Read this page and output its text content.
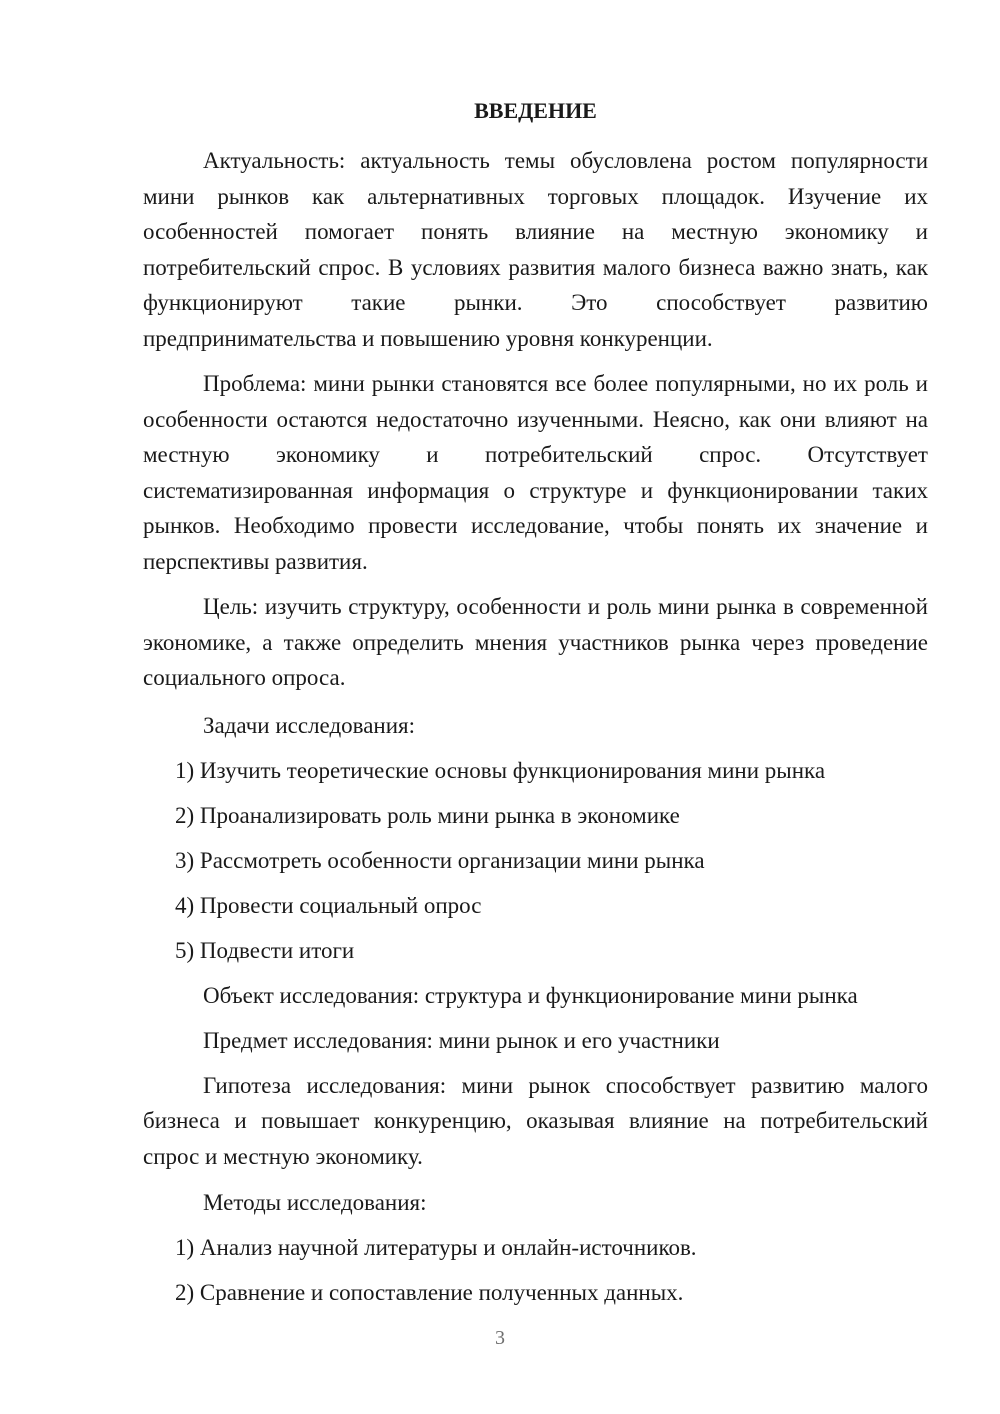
ВВЕДЕНИЕ

Актуальность: актуальность темы обусловлена ростом популярности мини рынков как альтернативных торговых площадок. Изучение их особенностей помогает понять влияние на местную экономику и потребительский спрос. В условиях развития малого бизнеса важно знать, как функционируют такие рынки. Это способствует развитию предпринимательства и повышению уровня конкуренции.

Проблема: мини рынки становятся все более популярными, но их роль и особенности остаются недостаточно изученными. Неясно, как они влияют на местную экономику и потребительский спрос. Отсутствует систематизированная информация о структуре и функционировании таких рынков. Необходимо провести исследование, чтобы понять их значение и перспективы развития.

Цель: изучить структуру, особенности и роль мини рынка в современной экономике, а также определить мнения участников рынка через проведение социального опроса.

Задачи исследования:

1) Изучить теоретические основы функционирования мини рынка

2) Проанализировать роль мини рынка в экономике

3) Рассмотреть особенности организации мини рынка

4) Провести социальный опрос

5) Подвести итоги

Объект исследования: структура и функционирование мини рынка

Предмет исследования: мини рынок и его участники

Гипотеза исследования: мини рынок способствует развитию малого бизнеса и повышает конкуренцию, оказывая влияние на потребительский спрос и местную экономику.

Методы исследования:

1) Анализ научной литературы и онлайн-источников.

2) Сравнение и сопоставление полученных данных.

3
